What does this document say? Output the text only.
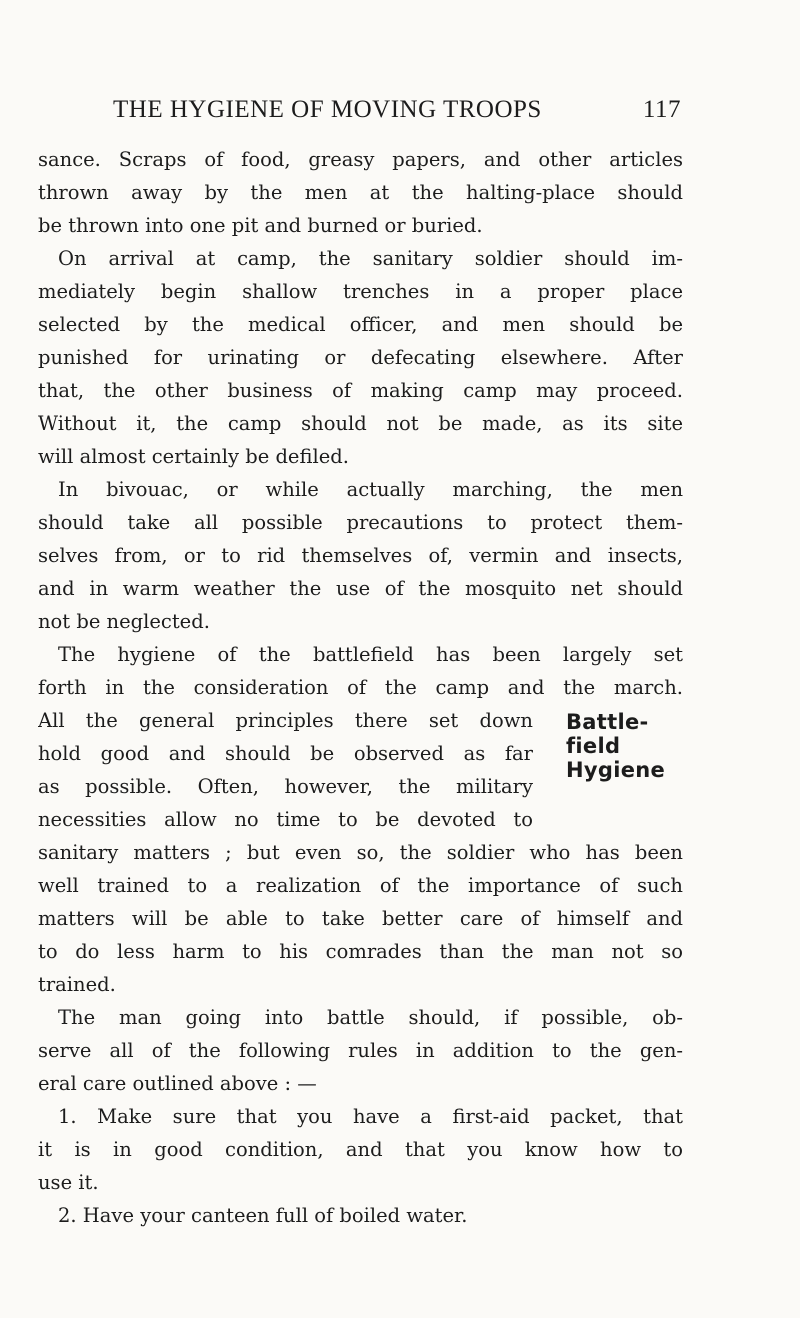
THE HYGIENE OF MOVING TROOPS	117
sance. Scraps of food, greasy papers, and other articles
thrown away by the men at the halting-place should
be thrown into one pit and burned or buried.
On arrival at camp, the sanitary soldier should im-
mediately begin shallow trenches in a proper place
selected by the medical officer, and men should be
punished for urinating or defecating elsewhere. After
that, the other business of making camp may proceed.
Without it, the camp should not be made, as its site
will almost certainly be defiled.
In bivouac, or while actually marching, the men
should take all possible precautions to protect them-
selves from, or to rid themselves of, vermin and insects,
and in warm weather the use of the mosquito net should
not be neglected.
The hygiene of the battlefield has been largely set
forth in the consideration of the camp and the march.
All the general principles there set down
hold good and should be observed as far
as possible. Often, however, the military
necessities allow no time to be devoted to
Battle-
field
Hygiene
sanitary matters ; but even so, the soldier who has been
well trained to a realization of the importance of such
matters will be able to take better care of himself and
to do less harm to his comrades than the man not so
trained.
The man going into battle should, if possible, ob-
serve all of the following rules in addition to the gen-
eral care outlined above : —
1. Make sure that you have a first-aid packet, that
it is in good condition, and that you know how to
use it.
2. Have your canteen full of boiled water.
